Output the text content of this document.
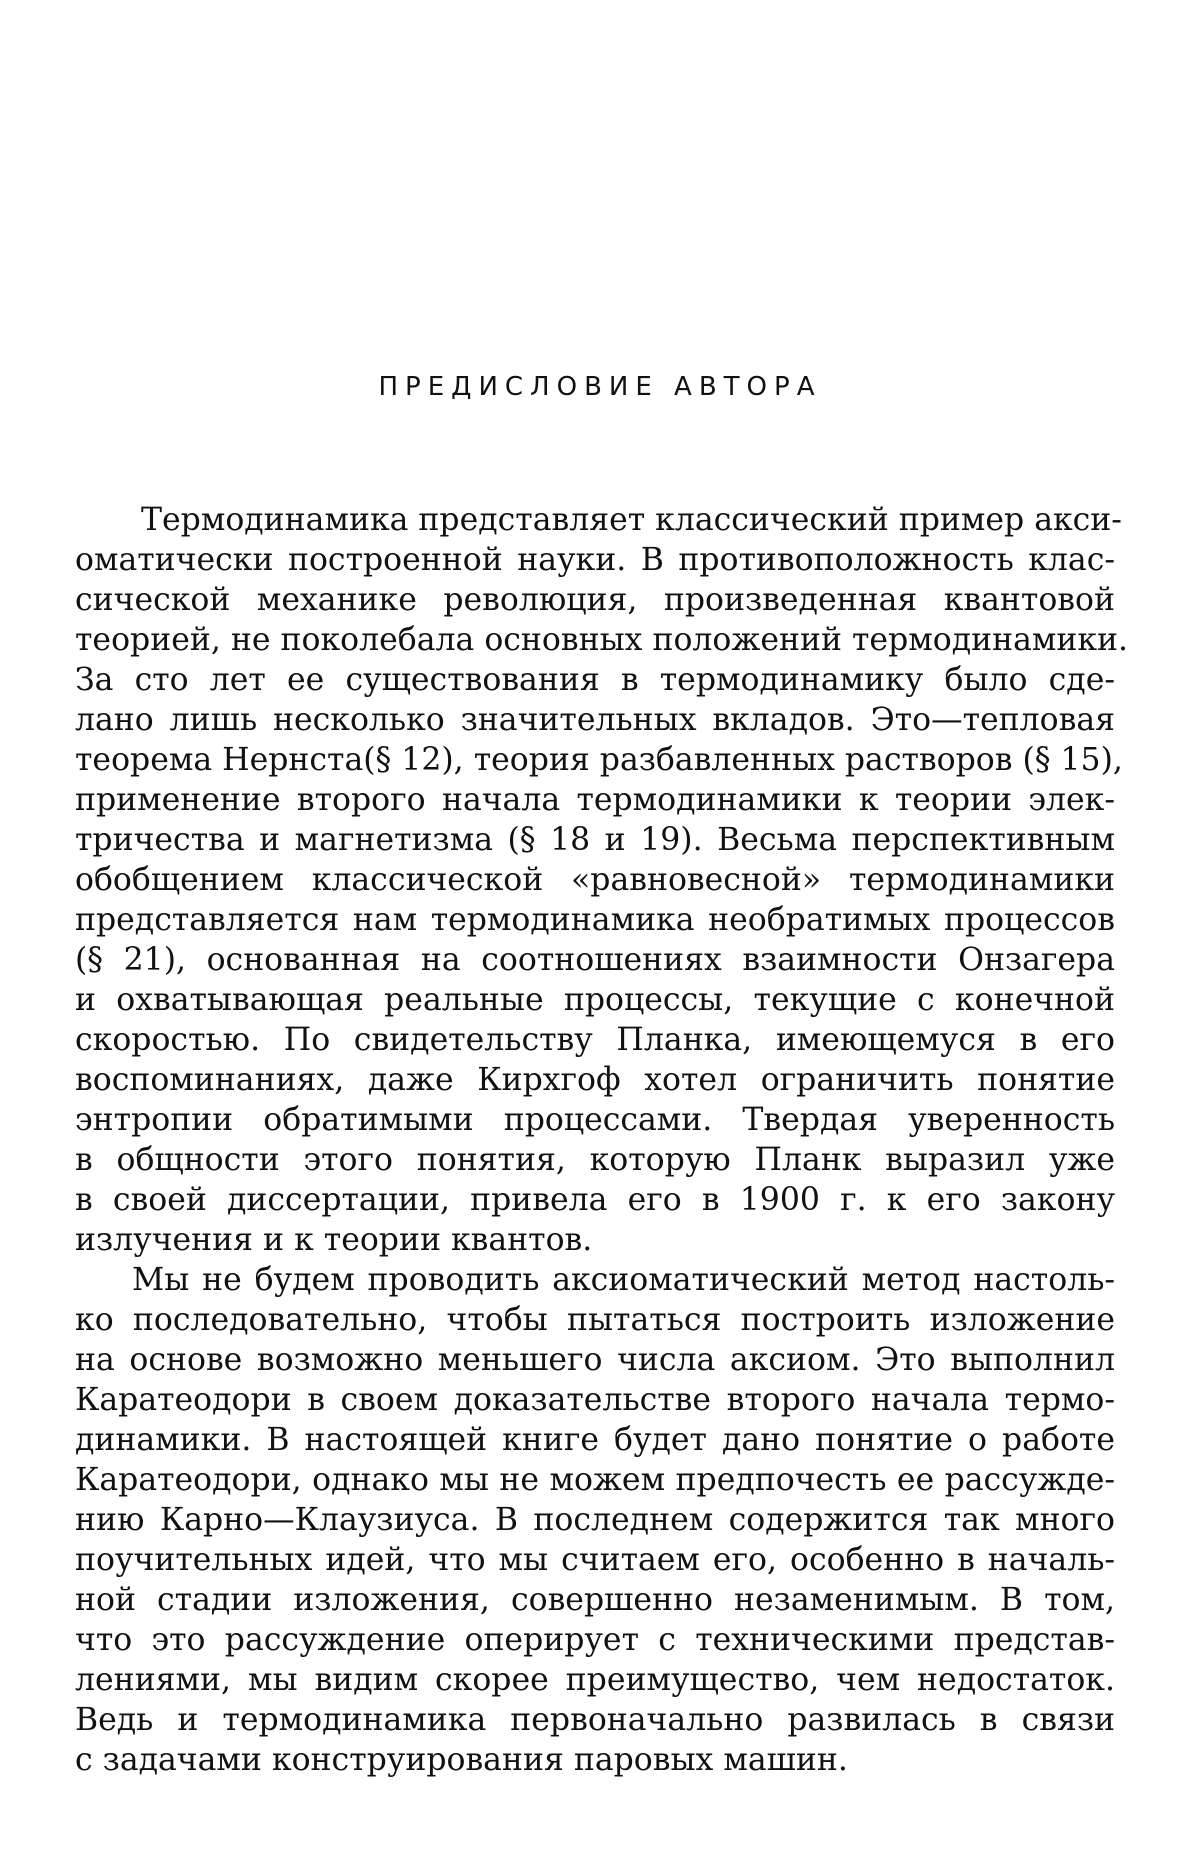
ПРЕДИСЛОВИЕ АВТОРА
Термодинамика представляет классический пример акси-
оматически построенной науки. В противоположность клас-
сической механике революция, произведенная квантовой
теорией, не поколебала основных положений термодинамики.
За сто лет ее существования в термодинамику было сде-
лано лишь несколько значительных вкладов. Это—тепловая
теорема Нернста(§ 12), теория разбавленных растворов (§ 15),
применение второго начала термодинамики к теории элек-
тричества и магнетизма (§ 18 и 19). Весьма перспективным
обобщением классической «равновесной» термодинамики
представляется нам термодинамика необратимых процессов
(§ 21), основанная на соотношениях взаимности Онзагера
и охватывающая реальные процессы, текущие с конечной
скоростью. По свидетельству Планка, имеющемуся в его
воспоминаниях, даже Кирхгоф хотел ограничить понятие
энтропии обратимыми процессами. Твердая уверенность
в общности этого понятия, которую Планк выразил уже
в своей диссертации, привела его в 1900 г. к его закону
излучения и к теории квантов.
Мы не будем проводить аксиоматический метод настоль-
ко последовательно, чтобы пытаться построить изложение
на основе возможно меньшего числа аксиом. Это выполнил
Каратеодори в своем доказательстве второго начала термо-
динамики. В настоящей книге будет дано понятие о работе
Каратеодори, однако мы не можем предпочесть ее рассужде-
нию Карно—Клаузиуса. В последнем содержится так много
поучительных идей, что мы считаем его, особенно в началь-
ной стадии изложения, совершенно незаменимым. В том,
что это рассуждение оперирует с техническими представ-
лениями, мы видим скорее преимущество, чем недостаток.
Ведь и термодинамика первоначально развилась в связи
с задачами конструирования паровых машин.
